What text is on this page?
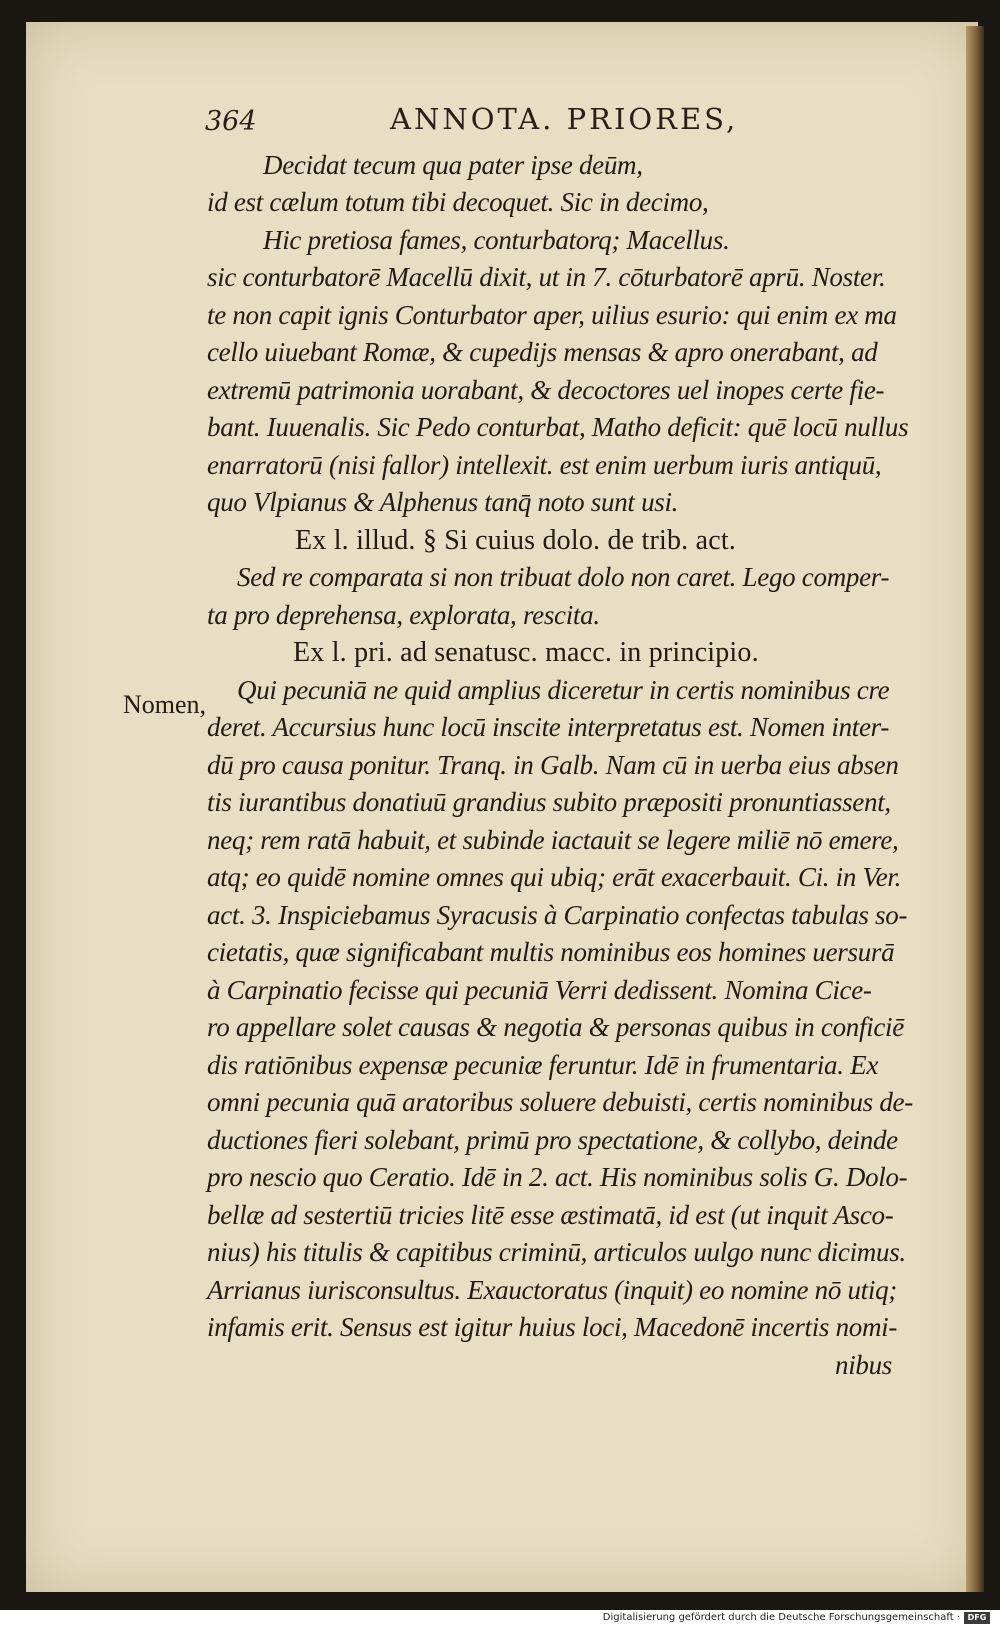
364	ANNOTA. PRIORES,
Nomen,
Decidat tecum qua pater ipse deūm,
id est cælum totum tibi decoquet. Sic in decimo,
Hic pretiosa fames, conturbatorq; Macellus.
sic conturbatorē Macellū dixit, ut in 7. cōturbatorē aprū. Noster.
te non capit ignis Conturbator aper, uilius esurio: qui enim ex ma
cello uiuebant Romæ, & cupedijs mensas & apro onerabant, ad
extremū patrimonia uorabant, & decoctores uel inopes certe fie-
bant. Iuuenalis. Sic Pedo conturbat, Matho deficit: quē locū nullus
enarratorū (nisi fallor) intellexit. est enim uerbum iuris antiquū,
quo Vlpianus & Alphenus tanq̄ noto sunt usi.
Ex l. illud. § Si cuius dolo. de trib. act.
Sed re comparata si non tribuat dolo non caret. Lego comper-
ta pro deprehensa, explorata, rescita.
Ex l. pri. ad senatusc. macc. in principio.
Qui pecuniā ne quid amplius diceretur in certis nominibus cre
deret. Accursius hunc locū inscite interpretatus est. Nomen inter-
dū pro causa ponitur. Tranq. in Galb. Nam cū in uerba eius absen
tis iurantibus donatiuū grandius subito præpositi pronuntiassent,
neq; rem ratā habuit, et subinde iactauit se legere miliē nō emere,
atq; eo quidē nomine omnes qui ubiq; erāt exacerbauit. Ci. in Ver.
act. 3. Inspiciebamus Syracusis à Carpinatio confectas tabulas so-
cietatis, quæ significabant multis nominibus eos homines uersurā
à Carpinatio fecisse qui pecuniā Verri dedissent. Nomina Cice-
ro appellare solet causas & negotia & personas quibus in conficiē
dis ratiōnibus expensæ pecuniæ feruntur. Idē in frumentaria. Ex
omni pecunia quā aratoribus soluere debuisti, certis nominibus de-
ductiones fieri solebant, primū pro spectatione, & collybo, deinde
pro nescio quo Ceratio. Idē in 2. act. His nominibus solis G. Dolo-
bellæ ad sestertiū tricies litē esse æstimatā, id est (ut inquit Asco-
nius) his titulis & capitibus criminū, articulos uulgo nunc dicimus.
Arrianus iurisconsultus. Exauctoratus (inquit) eo nomine nō utiq;
infamis erit. Sensus est igitur huius loci, Macedonē incertis nomi-
nibus
Digitalisierung gefördert durch die Deutsche Forschungsgemeinschaft · DFG
